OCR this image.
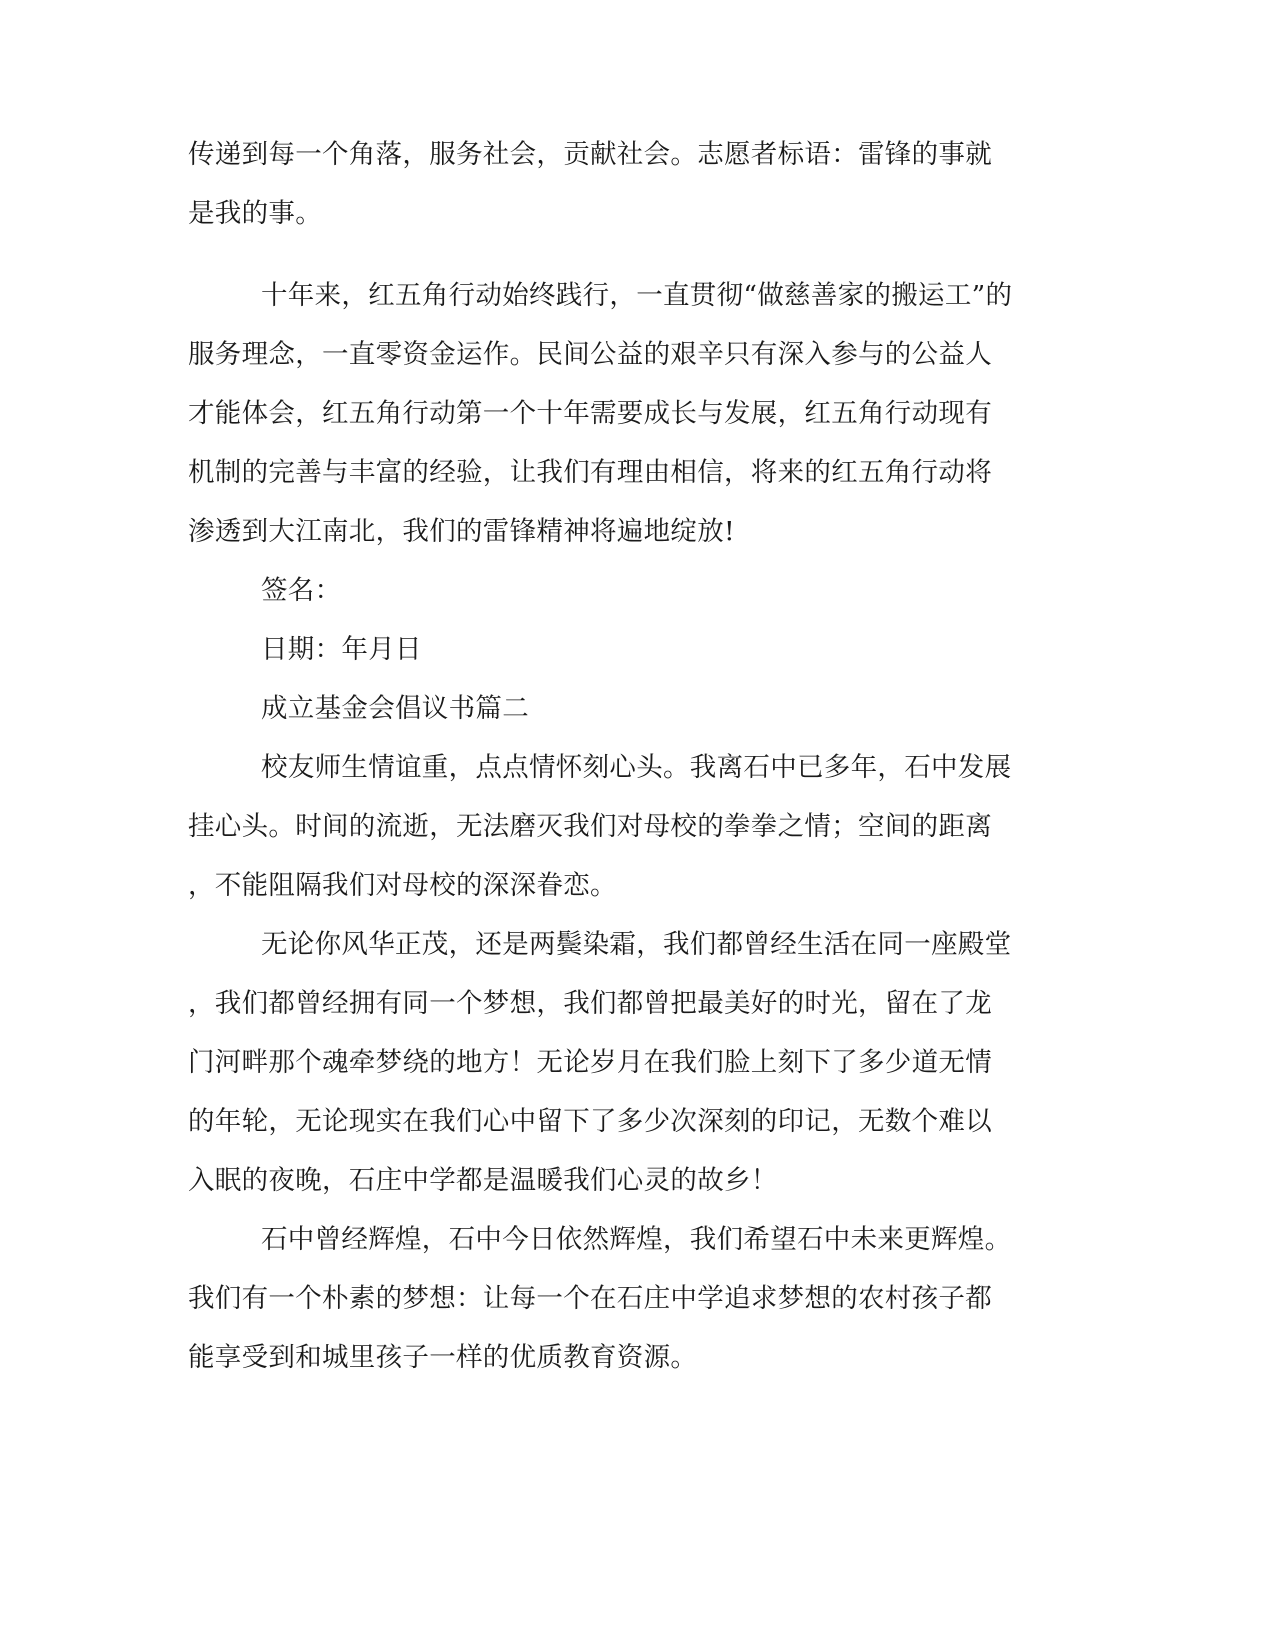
传递到每一个角落，服务社会，贡献社会。志愿者标语：雷锋的事就
是我的事。
十年来，红五角行动始终践行，一直贯彻“做慈善家的搬运工”的
服务理念，一直零资金运作。民间公益的艰辛只有深入参与的公益人
才能体会，红五角行动第一个十年需要成长与发展，红五角行动现有
机制的完善与丰富的经验，让我们有理由相信，将来的红五角行动将
渗透到大江南北，我们的雷锋精神将遍地绽放!
签名：
日期：年月日
成立基金会倡议书篇二
校友师生情谊重，点点情怀刻心头。我离石中已多年，石中发展
挂心头。时间的流逝，无法磨灭我们对母校的拳拳之情；空间的距离
，不能阻隔我们对母校的深深眷恋。
无论你风华正茂，还是两鬓染霜，我们都曾经生活在同一座殿堂
，我们都曾经拥有同一个梦想，我们都曾把最美好的时光，留在了龙
门河畔那个魂牵梦绕的地方！无论岁月在我们脸上刻下了多少道无情
的年轮，无论现实在我们心中留下了多少次深刻的印记，无数个难以
入眠的夜晚，石庄中学都是温暖我们心灵的故乡！
石中曾经辉煌，石中今日依然辉煌，我们希望石中未来更辉煌。
我们有一个朴素的梦想：让每一个在石庄中学追求梦想的农村孩子都
能享受到和城里孩子一样的优质教育资源。
